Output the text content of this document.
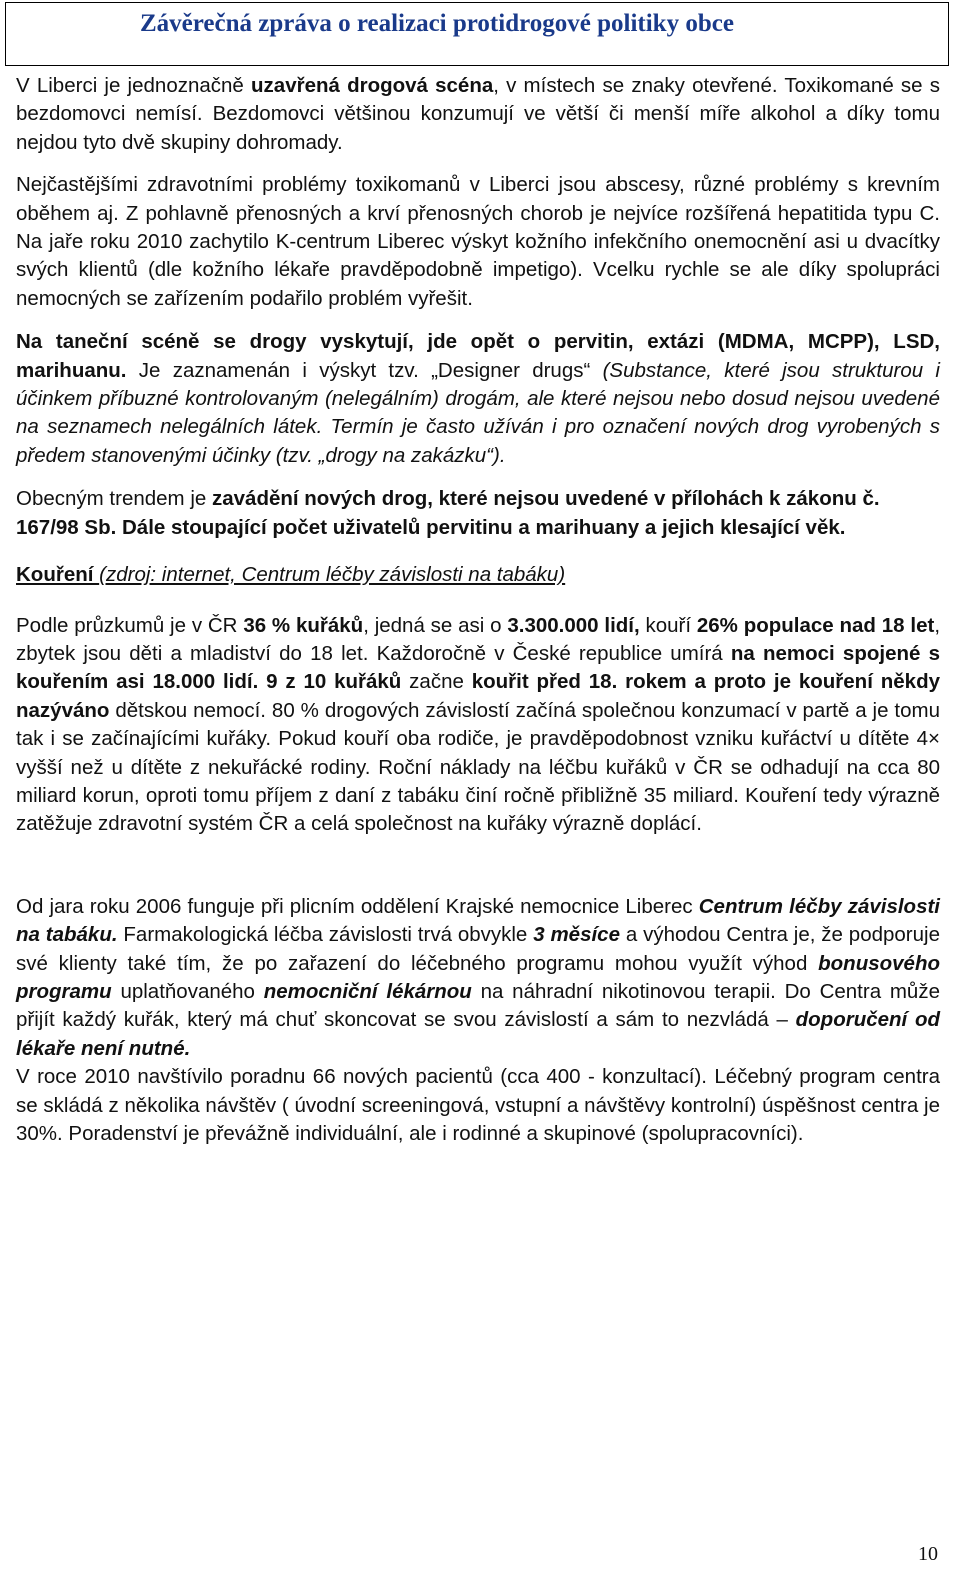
Závěrečná zpráva o realizaci protidrogové politiky obce

V Liberci je jednoznačně uzavřená drogová scéna, v místech se znaky otevřené. Toxikomané se s bezdomovci nemísí. Bezdomovci většinou konzumují ve větší či menší míře alkohol a díky tomu nejdou tyto dvě skupiny dohromady.

Nejčastějšími zdravotními problémy toxikomanů v Liberci jsou abscesy, různé problémy s krevním oběhem aj. Z pohlavně přenosných a krví přenosných chorob je nejvíce rozšířená hepatitida typu C. Na jaře roku 2010 zachytilo K-centrum Liberec výskyt kožního infekčního onemocnění asi u dvacítky svých klientů (dle kožního lékaře pravděpodobně impetigo). Vcelku rychle se ale díky spolupráci nemocných se zařízením podařilo problém vyřešit.

Na taneční scéně se drogy vyskytují, jde opět o pervitin, extázi (MDMA, MCPP), LSD, marihuanu. Je zaznamenán i výskyt tzv. „Designer drugs“ (Substance, které jsou strukturou i účinkem příbuzné kontrolovaným (nelegálním) drogám, ale které nejsou nebo dosud nejsou uvedené na seznamech nelegálních látek. Termín je často užíván i pro označení nových drog vyrobených s předem stanovenými účinky (tzv. „drogy na zakázku“).

Obecným trendem je zavádění nových drog, které nejsou uvedené v přílohách k zákonu č. 167/98 Sb. Dále stoupající počet uživatelů pervitinu a marihuany a jejich klesající věk.

Kouření (zdroj: internet, Centrum léčby závislosti na tabáku)

Podle průzkumů je v ČR 36 % kuřáků, jedná se asi o 3.300.000 lidí, kouří 26% populace nad 18 let, zbytek jsou děti a mladiství do 18 let. Každoročně v České republice umírá na nemoci spojené s kouřením asi 18.000 lidí. 9 z 10 kuřáků začne kouřit před 18. rokem a proto je kouření někdy nazýváno dětskou nemocí. 80 % drogových závislostí začíná společnou konzumací v partě a je tomu tak i se začínajícími kuřáky. Pokud kouří oba rodiče, je pravděpodobnost vzniku kuřáctví u dítěte 4× vyšší než u dítěte z nekuřácké rodiny. Roční náklady na léčbu kuřáků v ČR se odhadují na cca 80 miliard korun, oproti tomu příjem z daní z tabáku činí ročně přibližně 35 miliard. Kouření tedy výrazně zatěžuje zdravotní systém ČR a celá společnost na kuřáky výrazně doplácí.

Od jara roku 2006 funguje při plicním oddělení Krajské nemocnice Liberec Centrum léčby závislosti na tabáku. Farmakologická léčba závislosti trvá obvykle 3 měsíce a výhodou Centra je, že podporuje své klienty také tím, že po zařazení do léčebného programu mohou využít výhod bonusového programu uplatňovaného nemocniční lékárnou na náhradní nikotinovou terapii. Do Centra může přijít každý kuřák, který má chuť skoncovat se svou závislostí a sám to nezvládá – doporučení od lékaře není nutné.

V roce 2010 navštívilo poradnu 66 nových pacientů (cca 400 - konzultací). Léčebný program centra se skládá z několika návštěv ( úvodní screeningová, vstupní a návštěvy kontrolní) úspěšnost centra je 30%. Poradenství je převážně individuální, ale i rodinné a skupinové (spolupracovníci).

10
